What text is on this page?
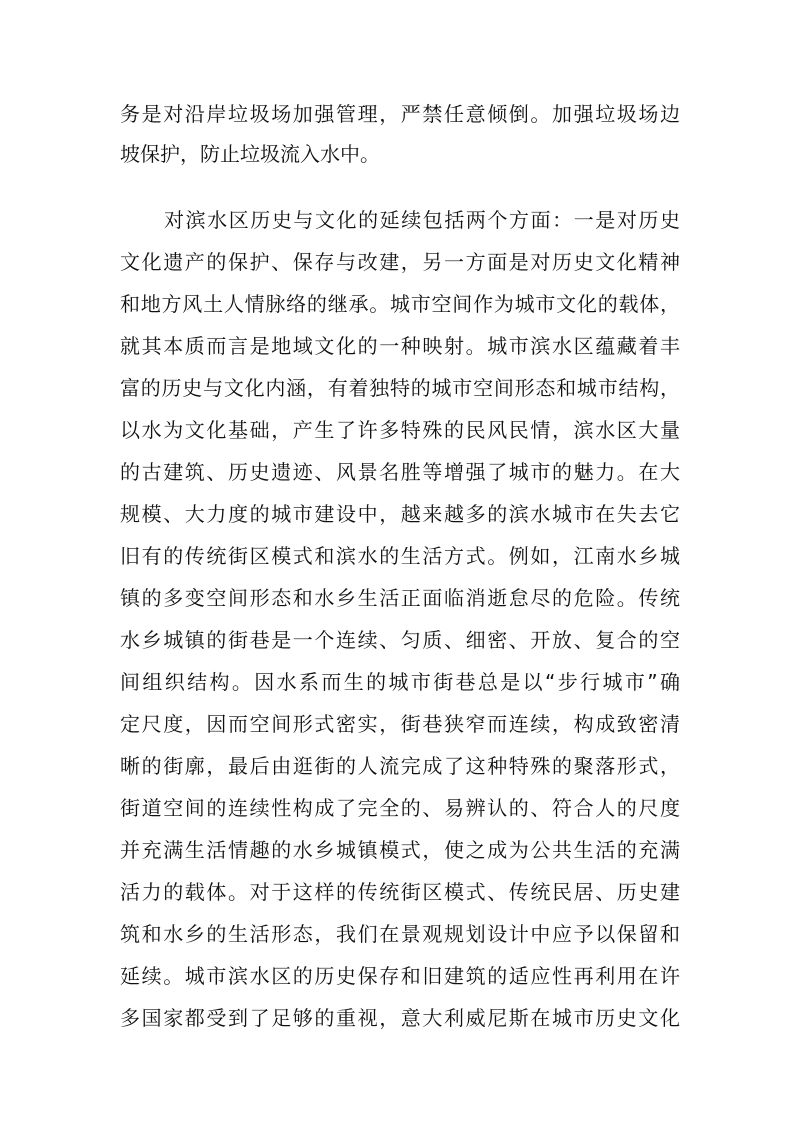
务是对沿岸垃圾场加强管理，严禁任意倾倒。加强垃圾场边
坡保护，防止垃圾流入水中。
对滨水区历史与文化的延续包括两个方面：一是对历史
文化遗产的保护、保存与改建，另一方面是对历史文化精神
和地方风土人情脉络的继承。城市空间作为城市文化的载体，
就其本质而言是地域文化的一种映射。城市滨水区蕴藏着丰
富的历史与文化内涵，有着独特的城市空间形态和城市结构，
以水为文化基础，产生了许多特殊的民风民情，滨水区大量
的古建筑、历史遗迹、风景名胜等增强了城市的魅力。在大
规模、大力度的城市建设中，越来越多的滨水城市在失去它
旧有的传统街区模式和滨水的生活方式。例如，江南水乡城
镇的多变空间形态和水乡生活正面临消逝怠尽的危险。传统
水乡城镇的街巷是一个连续、匀质、细密、开放、复合的空
间组织结构。因水系而生的城市街巷总是以“步行城市”确
定尺度，因而空间形式密实，街巷狭窄而连续，构成致密清
晰的街廓，最后由逛街的人流完成了这种特殊的聚落形式，
街道空间的连续性构成了完全的、易辨认的、符合人的尺度
并充满生活情趣的水乡城镇模式，使之成为公共生活的充满
活力的载体。对于这样的传统街区模式、传统民居、历史建
筑和水乡的生活形态，我们在景观规划设计中应予以保留和
延续。城市滨水区的历史保存和旧建筑的适应性再利用在许
多国家都受到了足够的重视，意大利威尼斯在城市历史文化
